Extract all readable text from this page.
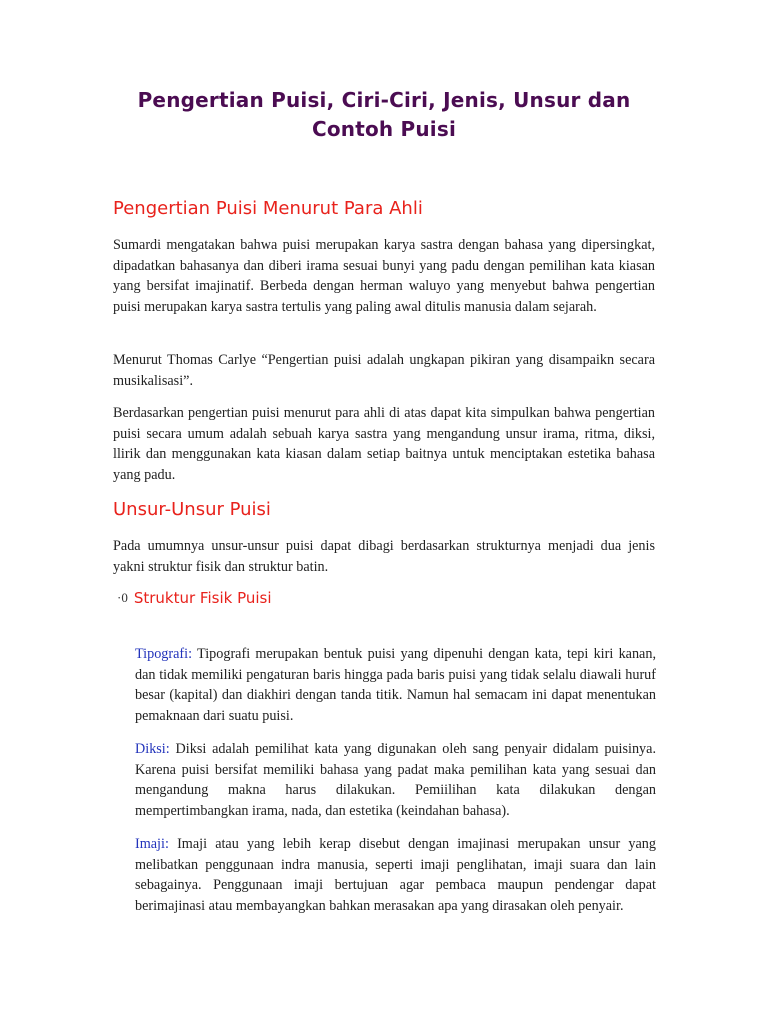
Pengertian Puisi, Ciri-Ciri, Jenis, Unsur dan
Contoh Puisi
Pengertian Puisi Menurut Para Ahli

Sumardi mengatakan bahwa puisi merupakan karya sastra dengan bahasa yang dipersingkat, dipadatkan bahasanya dan diberi irama sesuai bunyi yang padu dengan pemilihan kata kiasan yang bersifat imajinatif. Berbeda dengan herman waluyo yang menyebut bahwa pengertian puisi merupakan karya sastra tertulis yang paling awal ditulis manusia dalam sejarah.

Menurut Thomas Carlye “Pengertian puisi adalah ungkapan pikiran yang disampaikn secara musikalisasi”.

Berdasarkan pengertian puisi menurut para ahli di atas dapat kita simpulkan bahwa pengertian puisi secara umum adalah sebuah karya sastra yang mengandung unsur irama, ritma, diksi, llirik dan menggunakan kata kiasan dalam setiap baitnya untuk menciptakan estetika bahasa yang padu.

Unsur-Unsur Puisi

Pada umumnya unsur-unsur puisi dapat dibagi berdasarkan strukturnya menjadi dua jenis yakni struktur fisik dan struktur batin.

·0 Struktur Fisik Puisi

Tipografi: Tipografi merupakan bentuk puisi yang dipenuhi dengan kata, tepi kiri kanan, dan tidak memiliki pengaturan baris hingga pada baris puisi yang tidak selalu diawali huruf besar (kapital) dan diakhiri dengan tanda titik. Namun hal semacam ini dapat menentukan pemaknaan dari suatu puisi.

Diksi: Diksi adalah pemilihat kata yang digunakan oleh sang penyair didalam puisinya. Karena puisi bersifat memiliki bahasa yang padat maka pemilihan kata yang sesuai dan mengandung makna harus dilakukan. Pemiilihan kata dilakukan dengan mempertimbangkan irama, nada, dan estetika (keindahan bahasa).

Imaji: Imaji atau yang lebih kerap disebut dengan imajinasi merupakan unsur yang melibatkan penggunaan indra manusia, seperti imaji penglihatan, imaji suara dan lain sebagainya. Penggunaan imaji bertujuan agar pembaca maupun pendengar dapat berimajinasi atau membayangkan bahkan merasakan apa yang dirasakan oleh penyair.
